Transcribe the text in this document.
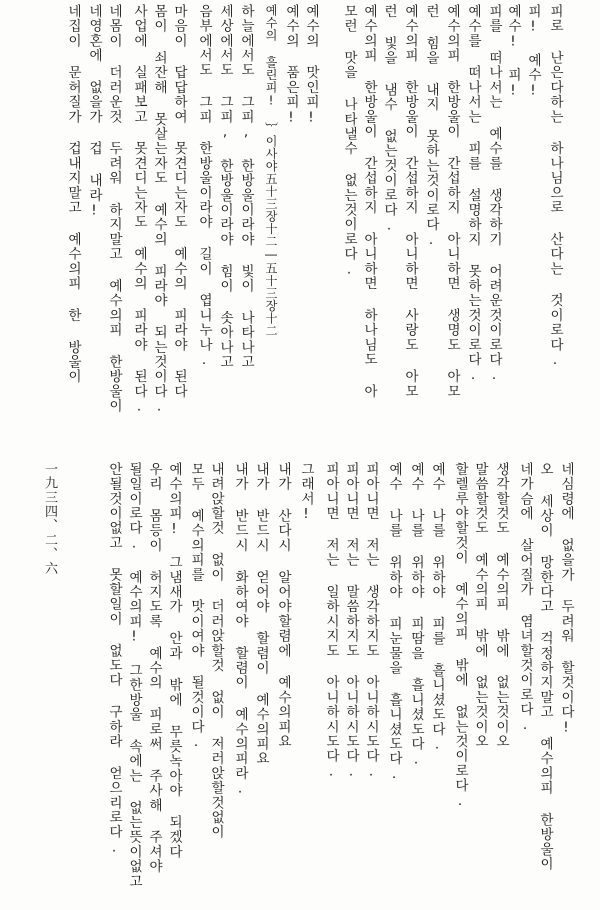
피로 난은다하는 하나님으로 산다는 것이로다.
피! 예수!
예수! 피!
피를 떠나서는 예수를 생각하기 어려운것이로다.
예수를 떠나서는 피를 설명하지 못하는것이로다.
예수의피 한방울이 간섭하지 아니하면 생명도 아모
런 힘을 내지 못하는것이로다.
예수의피 한방울이 간섭하지 아니하면 사랑도 아모
런 빛을 냄수 없는것이로다.
예수의피 한방울이 간섭하지 아니하면 하나님도 아
모런 맛을 나타낼수 없는것이로다.
예수의 맛인피!
예수의 품은피!
예수의 흘린피! ｝이사야五十三장十二―五十三장十二
하늘에서도 그피, 한방울이라야 빛이 나타나고
세상에서도 그피, 한방울이라야 힘이 솟아나고
음부에서도 그피 한방울이라야 길이 엽니누나.
마음이 답답하여 못견디는자도 예수의 피라야 된다
몸이 쇠잔해 못살는자도 예수의 피라야 되는것이다.
사업에 실패보고 못견디는자도 예수의 피라야 된다.
네몸이 더러운것 두려워 하지말고 예수의피 한방울이
네영혼에 없을가 겁 내라!
네집이 문허질가 겁내지말고 예수의피 한 방울이
네심령에 없을가 두려워 할것이다!
오 세상이 망한다고 걱정하지말고 예수의피 한방울이
네가슴에 살어질가 염녀할것이로다.
생각할것도 예수의피 밖에 없는것이오
말씀할것도 예수의피 밖에 없는것이오
할렐루야할것이 예수의피 밖에 없는것이로다.
예수 나를 위하야 피를 흘니셨도다.
예수 나를 위하야 피땀을 흘니셨도다.
예수 나를 위하야 피눈물을 흘니셨도다.
피아니면 저는 생각하지도 아니하시도다.
피아니면 저는 말씀하지도 아니하시도다.
피아니면 저는 일하시지도 아니하시도다.
그래서!
내가 산다시 알어야할렴에 예수의피요
내가 반드시 얻어야 할렴이 예수의피요
내가 반드시 화하여야 할렴이 예수의피라.
내려앉할것 없이 더러앉할것 없이 저러앉할것없이
모두 예수의피를 맛이여야 될것이다.
예수의피! 그냄새가 안과 밖에 무릇녹아야 되겠다
우리 몸등이 허지도록 예수의 피로써 주사해 주셔야
될일이로다. 예수의피! 그한방울 속에는 없는뜻이없고
안될것이없고 못할일이 없도다 구하라 얻으리로다.
一九三四、二、六
